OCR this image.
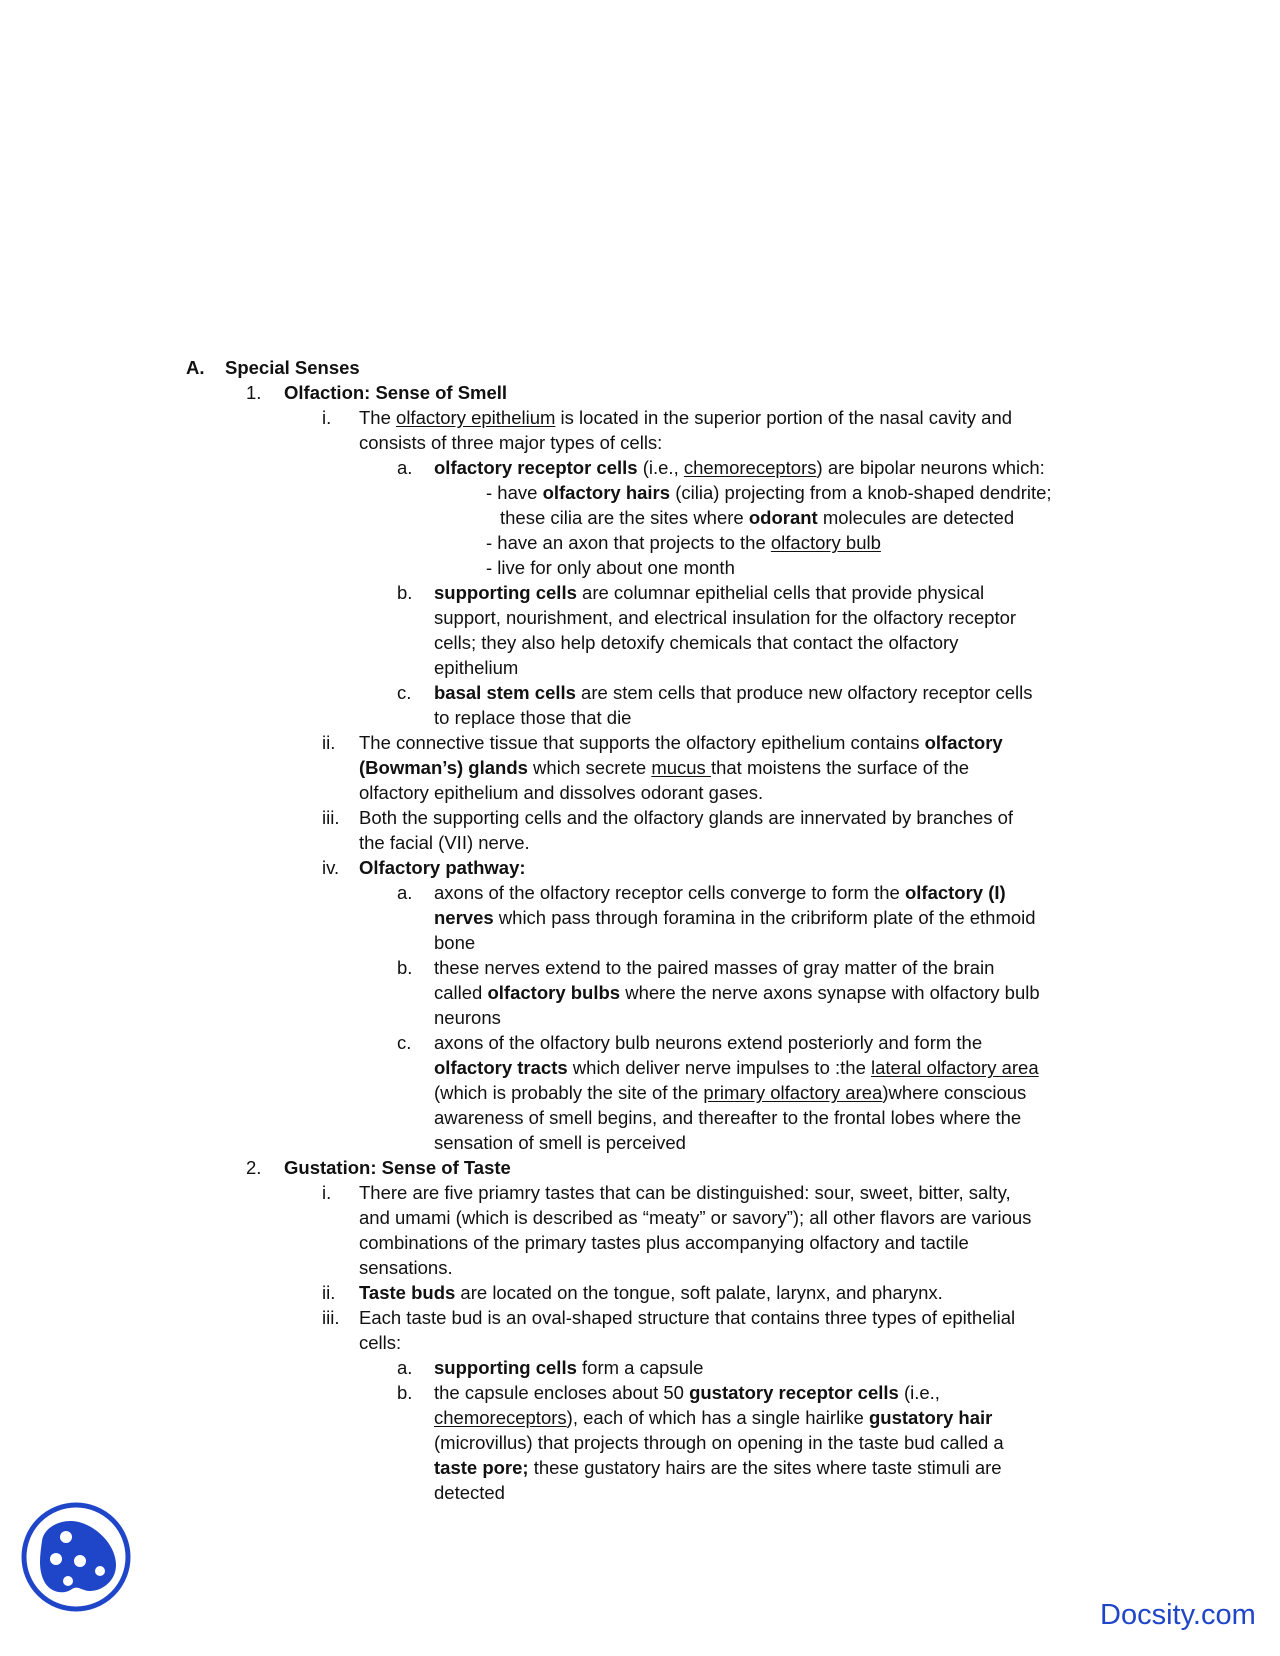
A. Special Senses
1. Olfaction: Sense of Smell
i. The olfactory epithelium is located in the superior portion of the nasal cavity and
consists of three major types of cells:
a. olfactory receptor cells (i.e., chemoreceptors) are bipolar neurons which:
- have olfactory hairs (cilia) projecting from a knob-shaped dendrite;
these cilia are the sites where odorant molecules are detected
- have an axon that projects to the olfactory bulb
- live for only about one month
b. supporting cells are columnar epithelial cells that provide physical
support, nourishment, and electrical insulation for the olfactory receptor
cells; they also help detoxify chemicals that contact the olfactory
epithelium
c. basal stem cells are stem cells that produce new olfactory receptor cells
to replace those that die
ii. The connective tissue that supports the olfactory epithelium contains olfactory
(Bowman’s) glands which secrete mucus that moistens the surface of the
olfactory epithelium and dissolves odorant gases.
iii. Both the supporting cells and the olfactory glands are innervated by branches of
the facial (VII) nerve.
iv. Olfactory pathway:
a. axons of the olfactory receptor cells converge to form the olfactory (I)
nerves which pass through foramina in the cribriform plate of the ethmoid
bone
b. these nerves extend to the paired masses of gray matter of the brain
called olfactory bulbs where the nerve axons synapse with olfactory bulb
neurons
c. axons of the olfactory bulb neurons extend posteriorly and form the
olfactory tracts which deliver nerve impulses to :the lateral olfactory area
(which is probably the site of the primary olfactory area)where conscious
awareness of smell begins, and thereafter to the frontal lobes where the
sensation of smell is perceived
2. Gustation: Sense of Taste
i. There are five priamry tastes that can be distinguished: sour, sweet, bitter, salty,
and umami (which is described as “meaty” or savory”); all other flavors are various
combinations of the primary tastes plus accompanying olfactory and tactile
sensations.
ii. Taste buds are located on the tongue, soft palate, larynx, and pharynx.
iii. Each taste bud is an oval-shaped structure that contains three types of epithelial
cells:
a. supporting cells form a capsule
b. the capsule encloses about 50 gustatory receptor cells (i.e.,
chemoreceptors), each of which has a single hairlike gustatory hair
(microvillus) that projects through on opening in the taste bud called a
taste pore; these gustatory hairs are the sites where taste stimuli are
detected
Docsity.com
